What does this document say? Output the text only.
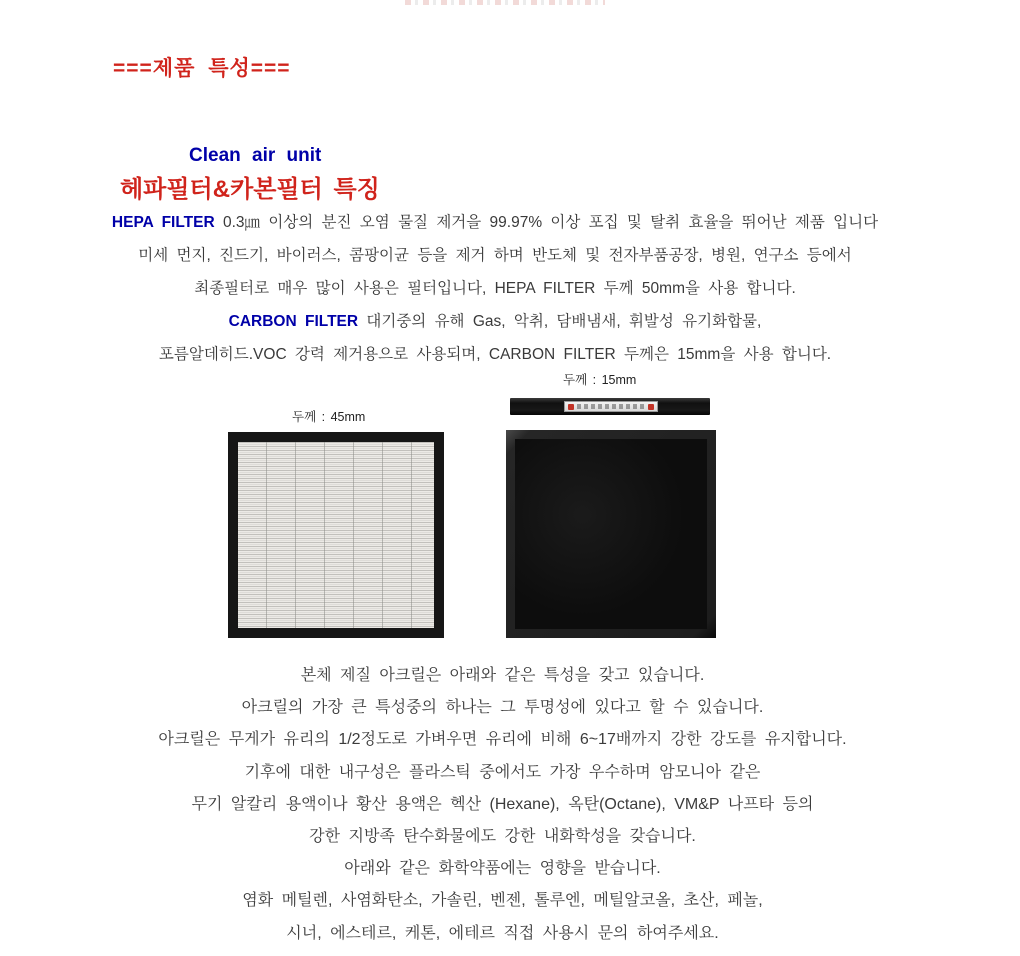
===제품 특성===
Clean air unit
헤파필터&카본필터 특징
HEPA FILTER 0.3㎛ 이상의 분진 오염 물질 제거을 99.97% 이상 포집 및 탈취 효율을 뛰어난 제품 입니다
미세 먼지, 진드기, 바이러스, 콤팡이균 등을 제거 하며 반도체 및 전자부품공장, 병원, 연구소 등에서
최종필터로 매우 많이 사용은 필터입니다, HEPA FILTER 두께 50mm을 사용 합니다.
CARBON FILTER 대기중의 유해 Gas, 악취, 담배냄새, 휘발성 유기화합물,
포름알데히드.VOC 강력 제거용으로 사용되며, CARBON FILTER 두께은 15mm을 사용 합니다.
두께 : 15mm
두께 : 45mm
본체 제질 아크릴은 아래와 같은 특성을 갖고 있습니다.
아크릴의 가장 큰 특성중의 하나는 그 투명성에 있다고 할 수 있습니다.
아크릴은 무게가 유리의 1/2정도로 가벼우면 유리에 비해 6~17배까지 강한 강도를 유지합니다.
기후에 대한 내구성은 플라스틱 중에서도 가장 우수하며 암모니아 같은
무기 알칼리 용액이나 황산 용액은 헥산 (Hexane), 옥탄(Octane), VM&P 나프타 등의
강한 지방족 탄수화물에도 강한 내화학성을 갖습니다.
아래와 같은 화학약품에는 영향을 받습니다.
염화 메틸렌, 사염화탄소, 가솔린, 벤젠, 톨루엔, 메틸알코올, 초산, 페놀,
시너, 에스테르, 케톤, 에테르 직접 사용시 문의 하여주세요.
